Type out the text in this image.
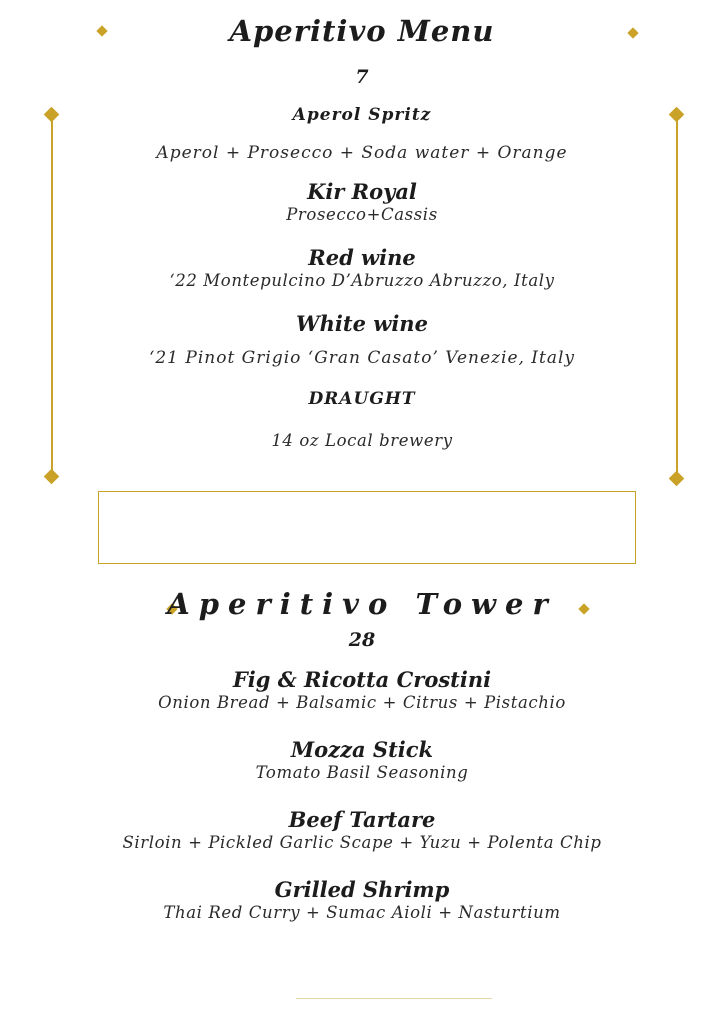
Aperitivo Menu
7
Aperol Spritz
Aperol + Prosecco + Soda water + Orange
Kir Royal
Prosecco+Cassis
Red wine
‘22 Montepulcino D’Abruzzo Abruzzo, Italy
White wine
‘21 Pinot Grigio ‘Gran Casato’ Venezie, Italy
DRAUGHT
14 oz Local brewery
Aperitivo Tower
28
Fig & Ricotta Crostini
Onion Bread + Balsamic + Citrus + Pistachio
Mozza Stick
Tomato Basil Seasoning
Beef Tartare
Sirloin + Pickled Garlic Scape + Yuzu + Polenta Chip
Grilled Shrimp
Thai Red Curry + Sumac Aioli + Nasturtium
